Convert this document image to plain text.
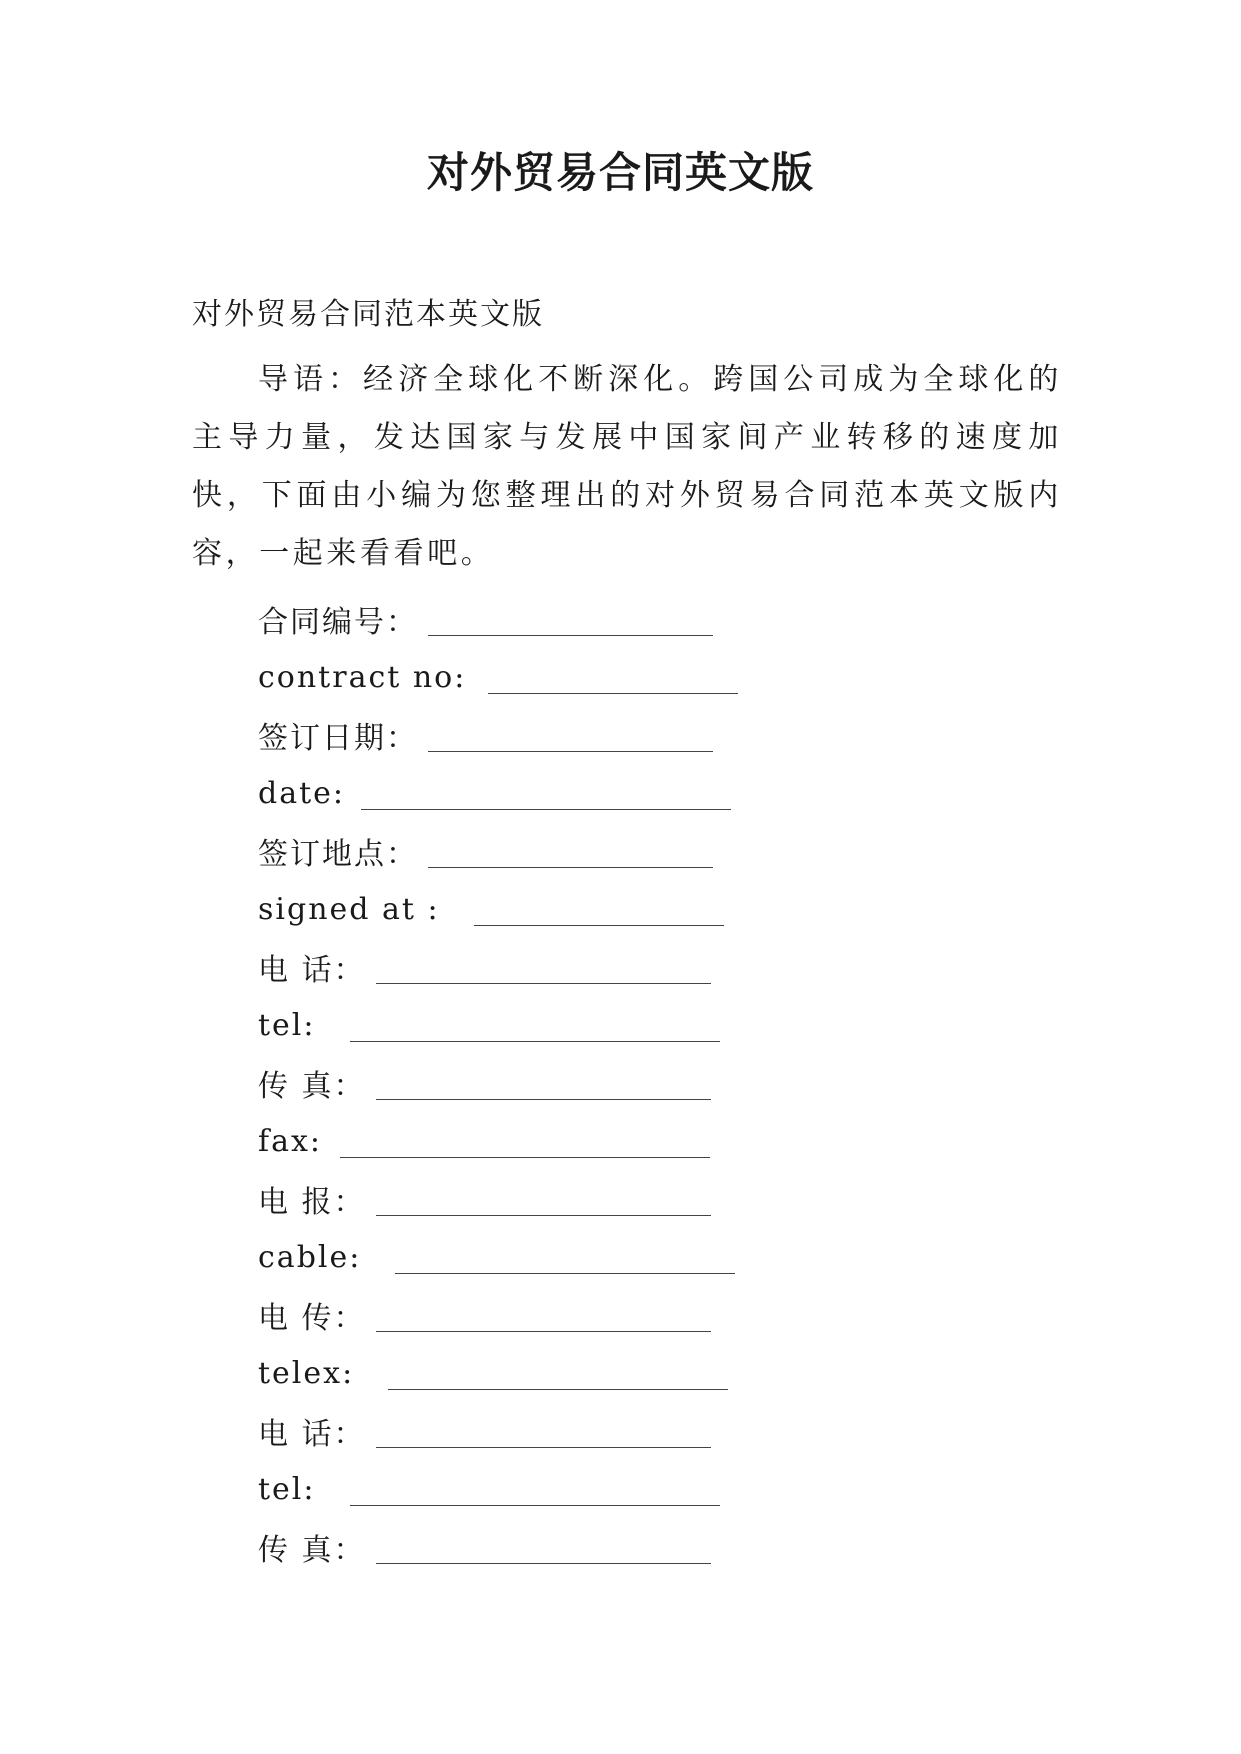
对外贸易合同英文版
对外贸易合同范本英文版

导语：经济全球化不断深化。跨国公司成为全球化的主导力量，发达国家与发展中国家间产业转移的速度加快，下面由小编为您整理出的对外贸易合同范本英文版内容，一起来看看吧。

合同编号：
contract no:
签订日期：
date:
签订地点：
signed at :
电 话：
tel:
传 真：
fax:
电 报：
cable:
电 传：
telex:
电 话：
tel:
传 真：
